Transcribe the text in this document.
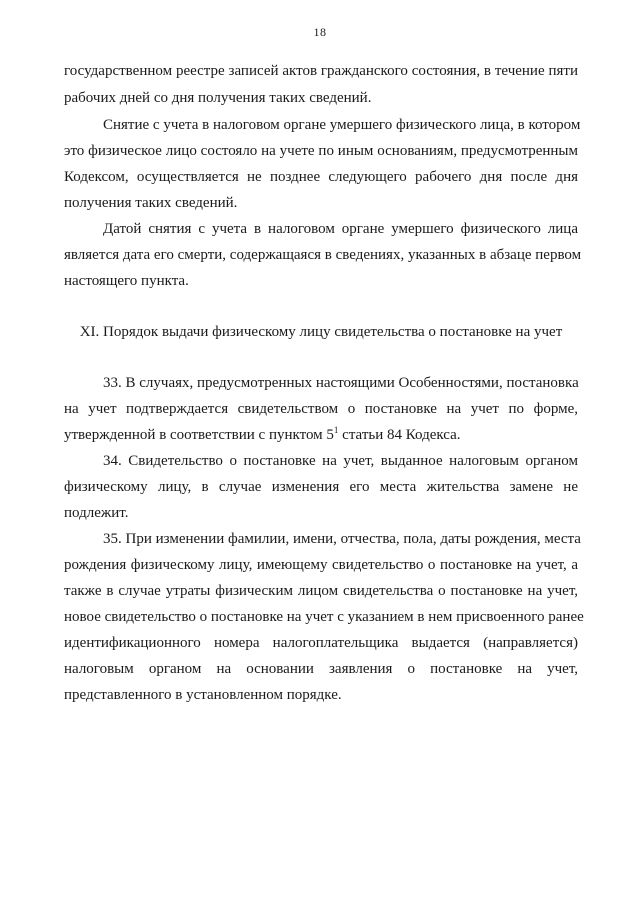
18
государственном реестре записей актов гражданского состояния, в течение пяти
рабочих дней со дня получения таких сведений.
Снятие с учета в налоговом органе умершего физического лица, в котором
это физическое лицо состояло на учете по иным основаниям, предусмотренным
Кодексом, осуществляется не позднее следующего рабочего дня после дня
получения таких сведений.
Датой снятия с учета в налоговом органе умершего физического лица
является дата его смерти, содержащаяся в сведениях, указанных в абзаце первом
настоящего пункта.
XI. Порядок выдачи физическому лицу свидетельства о постановке на учет
33. В случаях, предусмотренных настоящими Особенностями, постановка
на учет подтверждается свидетельством о постановке на учет по форме,
утвержденной в соответствии с пунктом $5^1$ статьи 84 Кодекса.
34. Свидетельство о постановке на учет, выданное налоговым органом
физическому лицу, в случае изменения его места жительства замене не
подлежит.
35. При изменении фамилии, имени, отчества, пола, даты рождения, места
рождения физическому лицу, имеющему свидетельство о постановке на учет, а
также в случае утраты физическим лицом свидетельства о постановке на учет,
новое свидетельство о постановке на учет с указанием в нем присвоенного ранее
идентификационного номера налогоплательщика выдается (направляется)
налоговым органом на основании заявления о постановке на учет,
представленного в установленном порядке.
